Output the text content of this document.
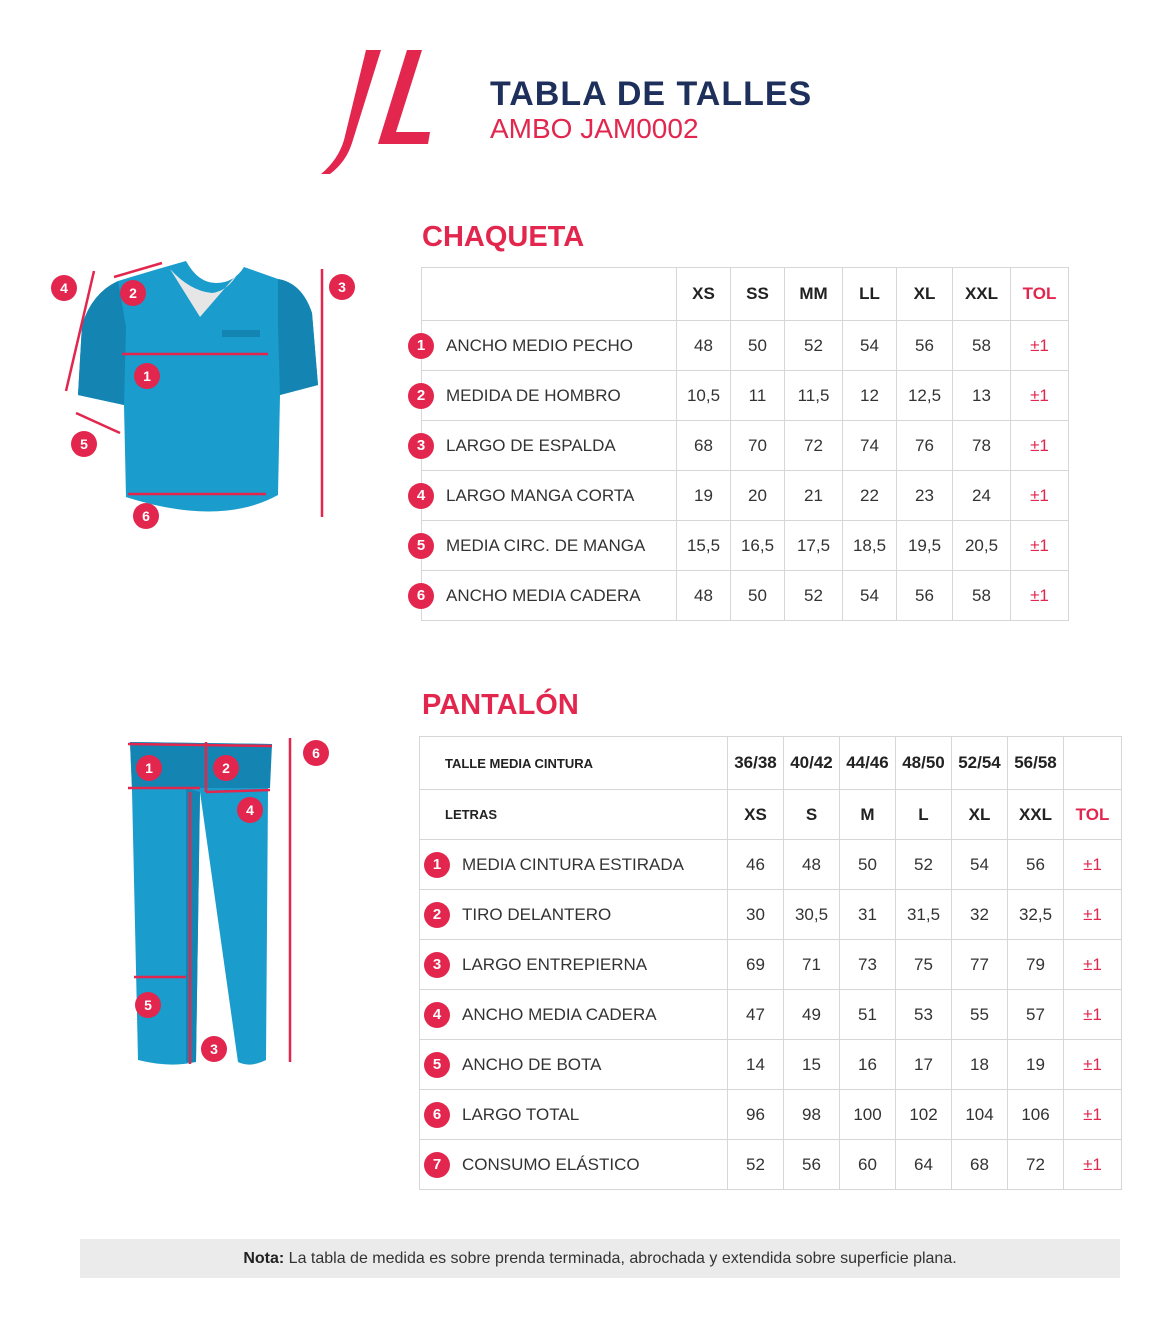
TABLA DE TALLES
AMBO JAM0002
CHAQUETA
1
2	3
4
5
6
	XS	SS	MM	LL	XL	XXL	TOL
1 ANCHO MEDIO PECHO	48	50	52	54	56	58	±1
2 MEDIDA DE HOMBRO	10,5	11	11,5	12	12,5	13	±1
3 LARGO DE ESPALDA	68	70	72	74	76	78	±1
4 LARGO MANGA CORTA	19	20	21	22	23	24	±1
5 MEDIA CIRC. DE MANGA	15,5	16,5	17,5	18,5	19,5	20,5	±1
6 ANCHO MEDIA CADERA	48	50	52	54	56	58	±1
PANTALÓN
1	2
3
4
5
6
TALLE MEDIA CINTURA	36/38	40/42	44/46	48/50	52/54	56/58	
LETRAS	XS	S	M	L	XL	XXL	TOL
1 MEDIA CINTURA ESTIRADA	46	48	50	52	54	56	±1
2 TIRO DELANTERO	30	30,5	31	31,5	32	32,5	±1
3 LARGO ENTREPIERNA	69	71	73	75	77	79	±1
4 ANCHO MEDIA CADERA	47	49	51	53	55	57	±1
5 ANCHO DE BOTA	14	15	16	17	18	19	±1
6 LARGO TOTAL	96	98	100	102	104	106	±1
7 CONSUMO ELÁSTICO	52	56	60	64	68	72	±1
Nota: La tabla de medida es sobre prenda terminada, abrochada y extendida sobre superficie plana.
